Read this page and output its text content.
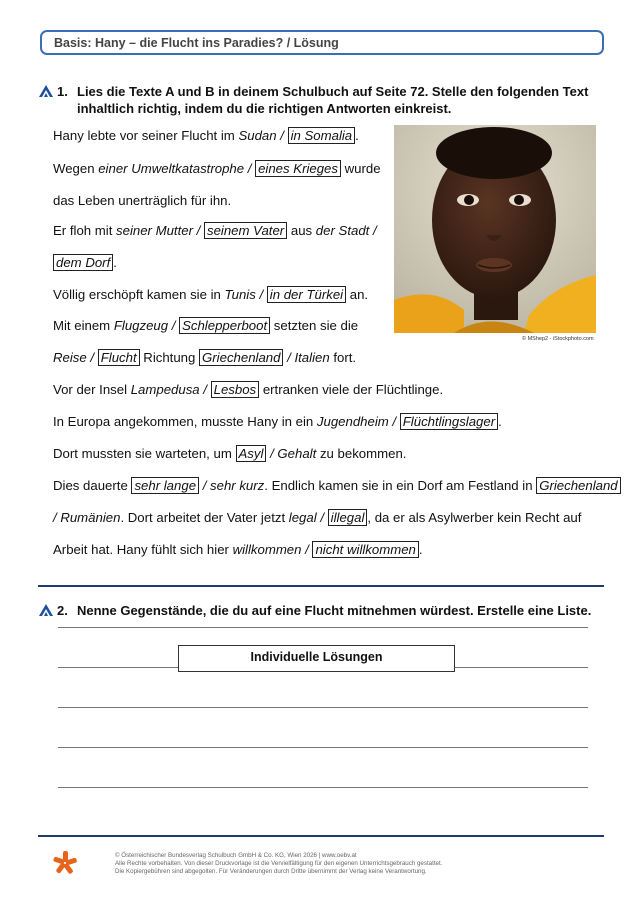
Basis: Hany – die Flucht ins Paradies? / Lösung
1. Lies die Texte A und B in deinem Schulbuch auf Seite 72. Stelle den folgenden Text
inhaltlich richtig, indem du die richtigen Antworten einkreist.
Hany lebte vor seiner Flucht im Sudan / in Somalia .
Wegen einer Umweltkatastrophe / eines Krieges wurde
das Leben unerträglich für ihn.
Er floh mit seiner Mutter / seinem Vater aus der Stadt /
dem Dorf .
Völlig erschöpft kamen sie in Tunis / in der Türkei an.
Mit einem Flugzeug / Schlepperboot setzten sie die
Reise / Flucht Richtung Griechenland / Italien fort.
Vor der Insel Lampedusa / Lesbos ertranken viele der Flüchtlinge.
In Europa angekommen, musste Hany in ein Jugendheim / Flüchtlingslager .
Dort mussten sie warteten, um Asyl / Gehalt zu bekommen.
Dies dauerte sehr lange / sehr kurz. Endlich kamen sie in ein Dorf am Festland in Griechenland
/ Rumänien. Dort arbeitet der Vater jetzt legal / illegal , da er als Asylwerber kein Recht auf
Arbeit hat. Hany fühlt sich hier willkommen / nicht willkommen .
© MShep2 - iStockphoto.com
2. Nenne Gegenstände, die du auf eine Flucht mitnehmen würdest. Erstelle eine Liste.
Individuelle Lösungen
© Österreichischer Bundesverlag Schulbuch GmbH & Co. KG, Wien 2026 | www.oebv.at
Alle Rechte vorbehalten. Von dieser Druckvorlage ist die Vervielfältigung für den eigenen Unterrichtsgebrauch gestattet.
Die Kopiergebühren sind abgegolten. Für Veränderungen durch Dritte übernimmt der Verlag keine Verantwortung.
